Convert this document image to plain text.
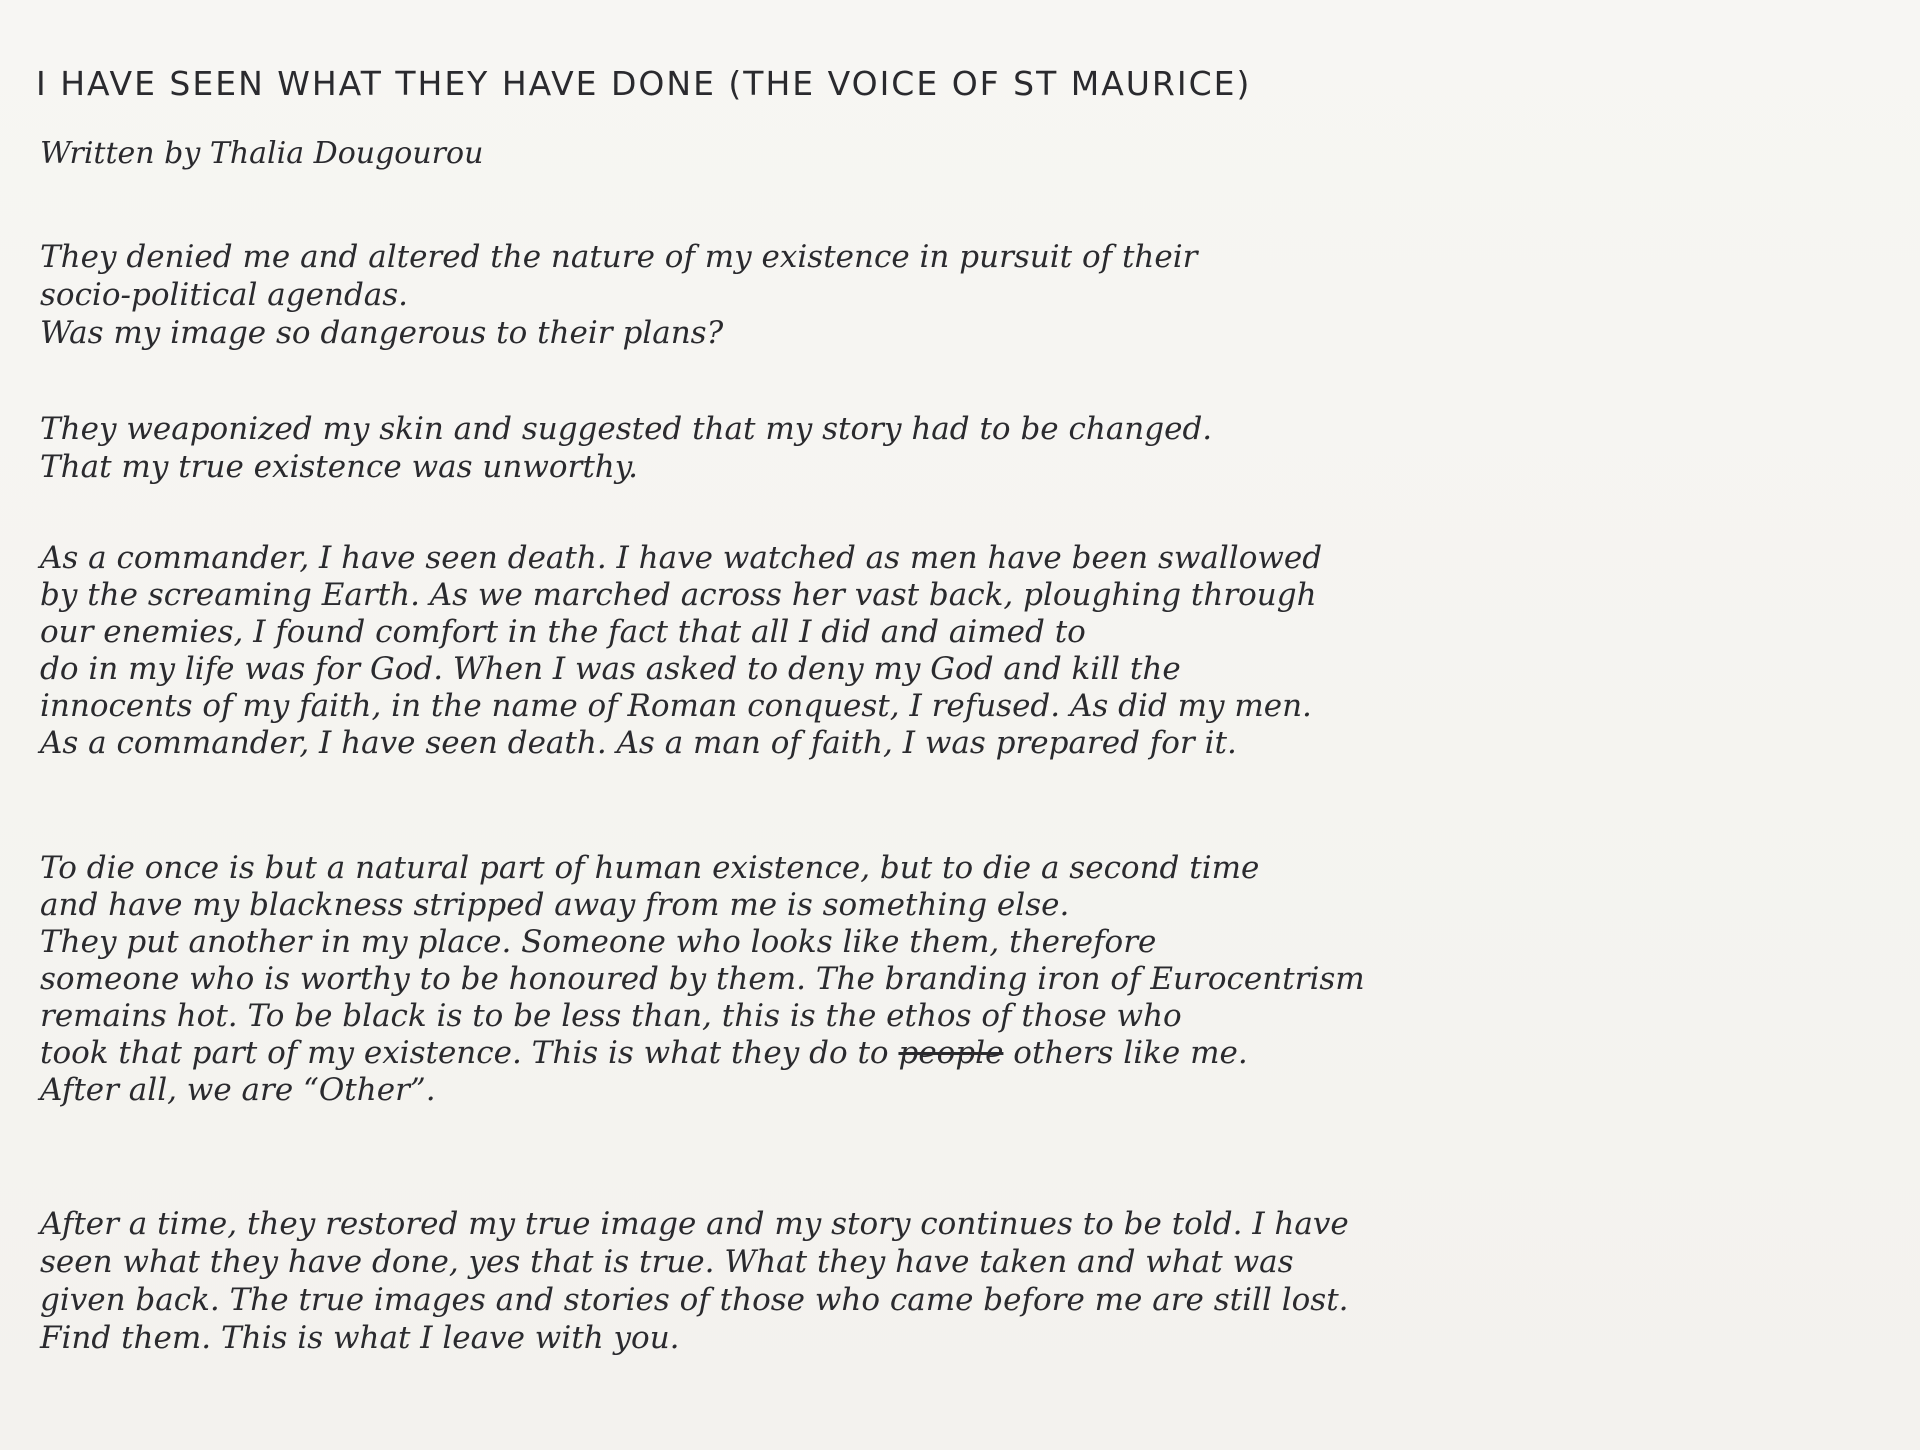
I HAVE SEEN WHAT THEY HAVE DONE (THE VOICE OF ST MAURICE)
Written by Thalia Dougourou
They denied me and altered the nature of my existence in pursuit of their
socio-political agendas.
Was my image so dangerous to their plans?
They weaponized my skin and suggested that my story had to be changed.
That my true existence was unworthy.
As a commander, I have seen death. I have watched as men have been swallowed
by the screaming Earth. As we marched across her vast back, ploughing through
our enemies, I found comfort in the fact that all I did and aimed to
do in my life was for God. When I was asked to deny my God and kill the
innocents of my faith, in the name of Roman conquest, I refused. As did my men.
As a commander, I have seen death. As a man of faith, I was prepared for it.
To die once is but a natural part of human existence, but to die a second time
and have my blackness stripped away from me is something else.
They put another in my place. Someone who looks like them, therefore
someone who is worthy to be honoured by them. The branding iron of Eurocentrism
remains hot. To be black is to be less than, this is the ethos of those who
took that part of my existence. This is what they do to people others like me.
After all, we are “Other”.
After a time, they restored my true image and my story continues to be told. I have
seen what they have done, yes that is true. What they have taken and what was
given back. The true images and stories of those who came before me are still lost.
Find them. This is what I leave with you.
